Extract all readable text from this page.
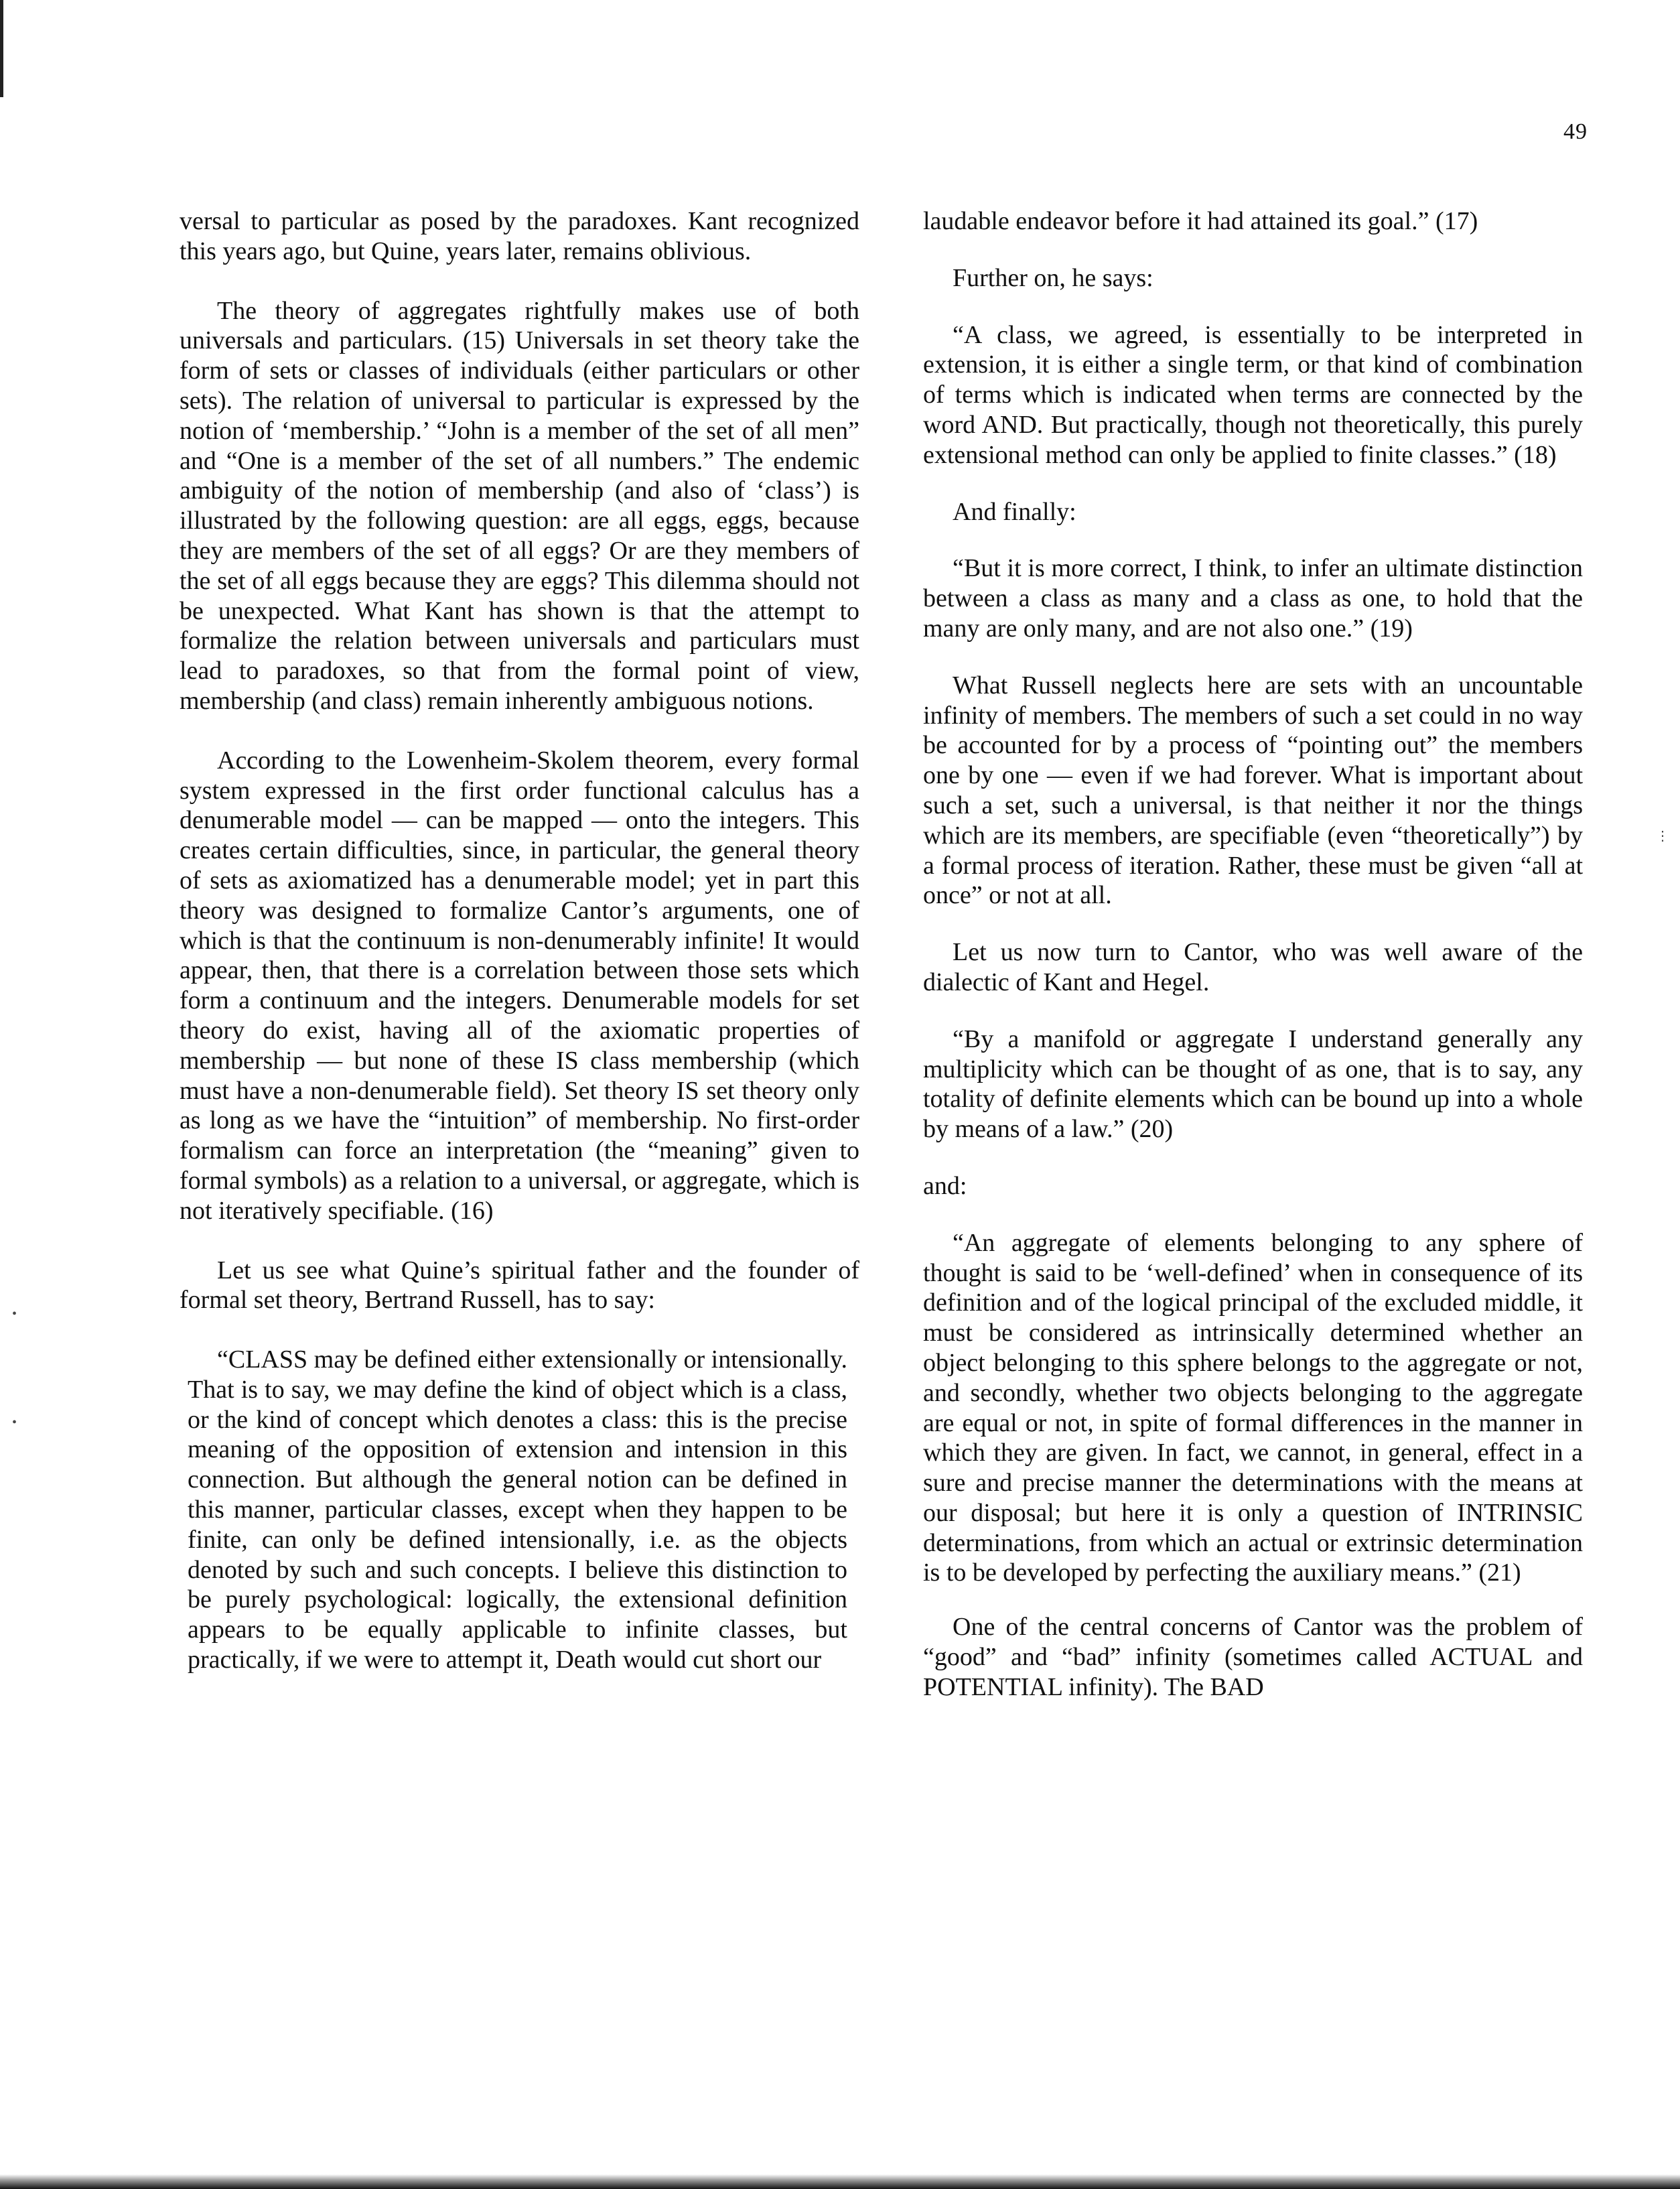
49

versal to particular as posed by the paradoxes. Kant recognized this years ago, but Quine, years later, remains oblivious.

The theory of aggregates rightfully makes use of both universals and particulars. (15) Universals in set theory take the form of sets or classes of individuals (either particulars or other sets). The relation of universal to particular is expressed by the notion of ‘membership.’ “John is a member of the set of all men” and “One is a member of the set of all numbers.” The endemic ambiguity of the notion of membership (and also of ‘class’) is illustrated by the following question: are all eggs, eggs, because they are members of the set of all eggs? Or are they members of the set of all eggs because they are eggs? This dilemma should not be unexpected. What Kant has shown is that the attempt to formalize the relation between universals and particulars must lead to paradoxes, so that from the formal point of view, membership (and class) remain inherently ambiguous notions.

According to the Lowenheim-Skolem theorem, every formal system expressed in the first order functional calculus has a denumerable model — can be mapped — onto the integers. This creates certain difficulties, since, in particular, the general theory of sets as axiomatized has a denumerable model; yet in part this theory was designed to formalize Cantor’s arguments, one of which is that the continuum is non-denumerably infinite! It would appear, then, that there is a correlation between those sets which form a continuum and the integers. Denumerable models for set theory do exist, having all of the axiomatic properties of membership — but none of these IS class membership (which must have a non-denumerable field). Set theory IS set theory only as long as we have the “intuition” of membership. No first-order formalism can force an interpretation (the “meaning” given to formal symbols) as a relation to a universal, or aggregate, which is not iteratively specifiable. (16)

Let us see what Quine’s spiritual father and the founder of formal set theory, Bertrand Russell, has to say:

“CLASS may be defined either extensionally or intensionally. That is to say, we may define the kind of object which is a class, or the kind of concept which denotes a class: this is the precise meaning of the opposition of extension and intension in this connection. But although the general notion can be defined in this manner, particular classes, except when they happen to be finite, can only be defined intensionally, i.e. as the objects denoted by such and such concepts. I believe this distinction to be purely psychological: logically, the extensional definition appears to be equally applicable to infinite classes, but practically, if we were to attempt it, Death would cut short our

laudable endeavor before it had attained its goal.” (17)

Further on, he says:

“A class, we agreed, is essentially to be interpreted in extension, it is either a single term, or that kind of combination of terms which is indicated when terms are connected by the word AND. But practically, though not theoretically, this purely extensional method can only be applied to finite classes.” (18)

And finally:

“But it is more correct, I think, to infer an ultimate distinction between a class as many and a class as one, to hold that the many are only many, and are not also one.” (19)

What Russell neglects here are sets with an uncountable infinity of members. The members of such a set could in no way be accounted for by a process of “pointing out” the members one by one — even if we had forever. What is important about such a set, such a universal, is that neither it nor the things which are its members, are specifiable (even “theoretically”) by a formal process of iteration. Rather, these must be given “all at once” or not at all.

Let us now turn to Cantor, who was well aware of the dialectic of Kant and Hegel.

“By a manifold or aggregate I understand generally any multiplicity which can be thought of as one, that is to say, any totality of definite elements which can be bound up into a whole by means of a law.” (20)

and:

“An aggregate of elements belonging to any sphere of thought is said to be ‘well-defined’ when in consequence of its definition and of the logical principal of the excluded middle, it must be considered as intrinsically determined whether an object belonging to this sphere belongs to the aggregate or not, and secondly, whether two objects belonging to the aggregate are equal or not, in spite of formal differences in the manner in which they are given. In fact, we cannot, in general, effect in a sure and precise manner the determinations with the means at our disposal; but here it is only a question of INTRINSIC determinations, from which an actual or extrinsic determination is to be developed by perfecting the auxiliary means.” (21)

One of the central concerns of Cantor was the problem of “good” and “bad” infinity (sometimes called ACTUAL and POTENTIAL infinity). The BAD

⋮
•
•
